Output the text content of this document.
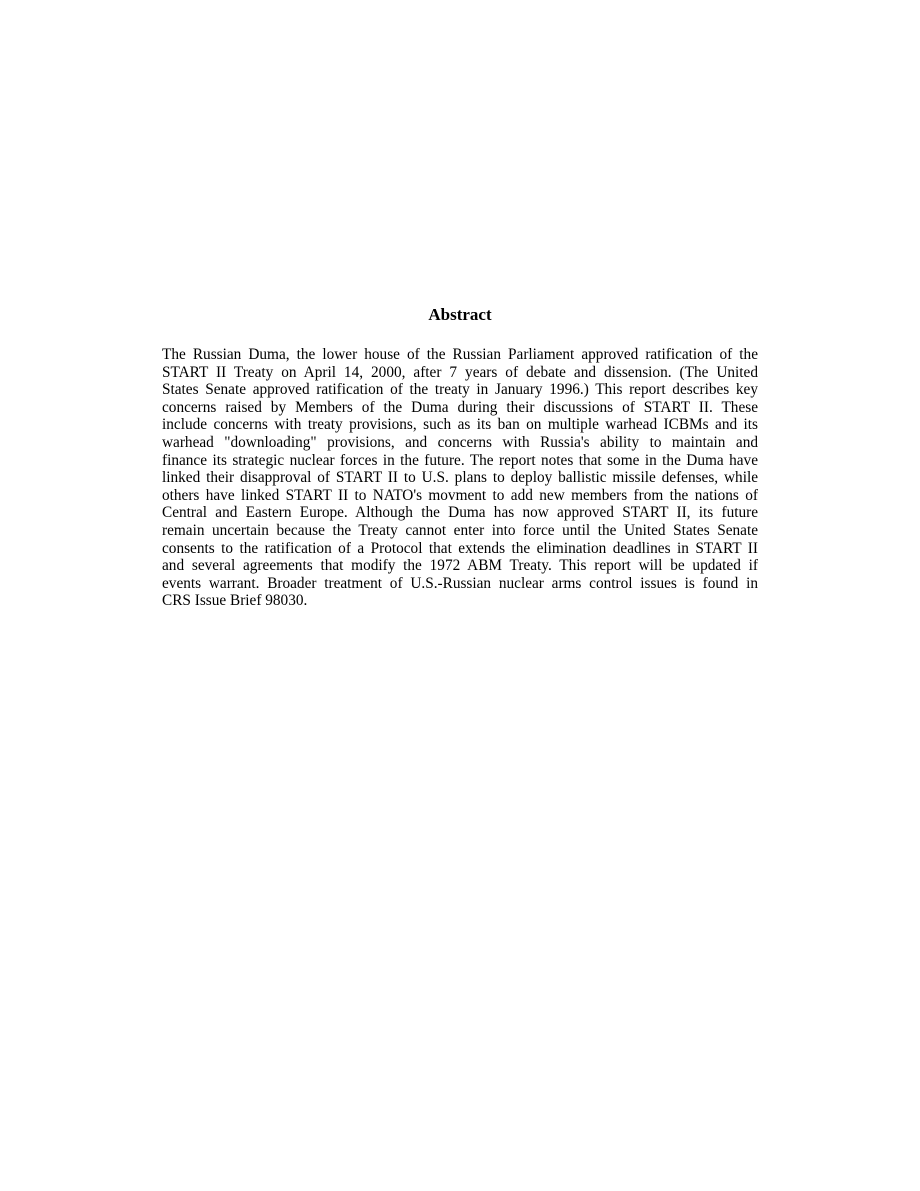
Abstract
The Russian Duma, the lower house of the Russian Parliament approved ratification of the
START II Treaty on April 14, 2000, after 7 years of debate and dissension. (The United
States Senate approved ratification of the treaty in January 1996.) This report describes key
concerns raised by Members of the Duma during their discussions of START II. These
include concerns with treaty provisions, such as its ban on multiple warhead ICBMs and its
warhead "downloading" provisions, and concerns with Russia's ability to maintain and
finance its strategic nuclear forces in the future. The report notes that some in the Duma have
linked their disapproval of START II to U.S. plans to deploy ballistic missile defenses, while
others have linked START II to NATO's movment to add new members from the nations of
Central and Eastern Europe. Although the Duma has now approved START II, its future
remain uncertain because the Treaty cannot enter into force until the United States Senate
consents to the ratification of a Protocol that extends the elimination deadlines in START II
and several agreements that modify the 1972 ABM Treaty. This report will be updated if
events warrant. Broader treatment of U.S.-Russian nuclear arms control issues is found in
CRS Issue Brief 98030.
